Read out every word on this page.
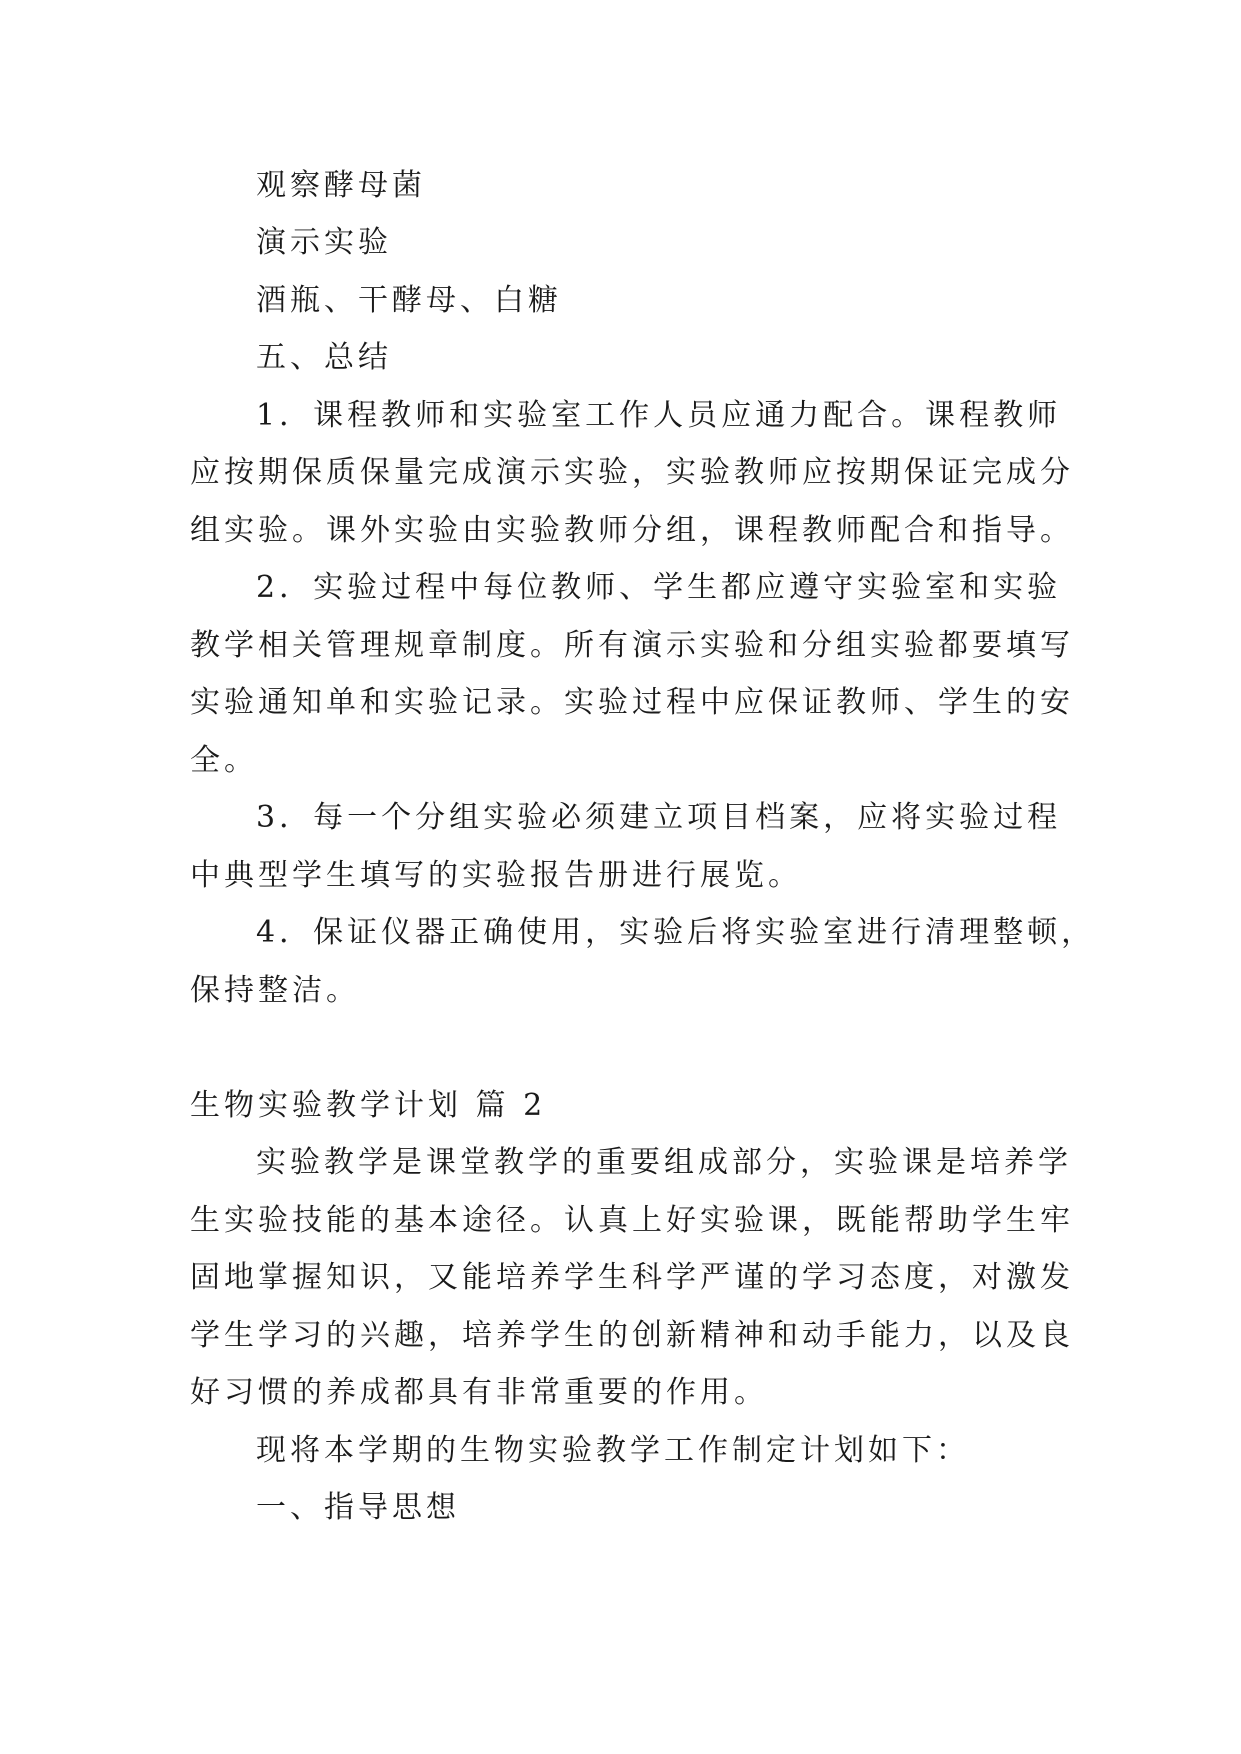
观察酵母菌
演示实验
酒瓶、干酵母、白糖
五、总结
1．课程教师和实验室工作人员应通力配合。课程教师
应按期保质保量完成演示实验，实验教师应按期保证完成分
组实验。课外实验由实验教师分组，课程教师配合和指导。
2．实验过程中每位教师、学生都应遵守实验室和实验
教学相关管理规章制度。所有演示实验和分组实验都要填写
实验通知单和实验记录。实验过程中应保证教师、学生的安
全。
3．每一个分组实验必须建立项目档案，应将实验过程
中典型学生填写的实验报告册进行展览。
4．保证仪器正确使用，实验后将实验室进行清理整顿，
保持整洁。
生物实验教学计划 篇 2
实验教学是课堂教学的重要组成部分，实验课是培养学
生实验技能的基本途径。认真上好实验课，既能帮助学生牢
固地掌握知识，又能培养学生科学严谨的学习态度，对激发
学生学习的兴趣，培养学生的创新精神和动手能力，以及良
好习惯的养成都具有非常重要的作用。
现将本学期的生物实验教学工作制定计划如下：
一、指导思想
